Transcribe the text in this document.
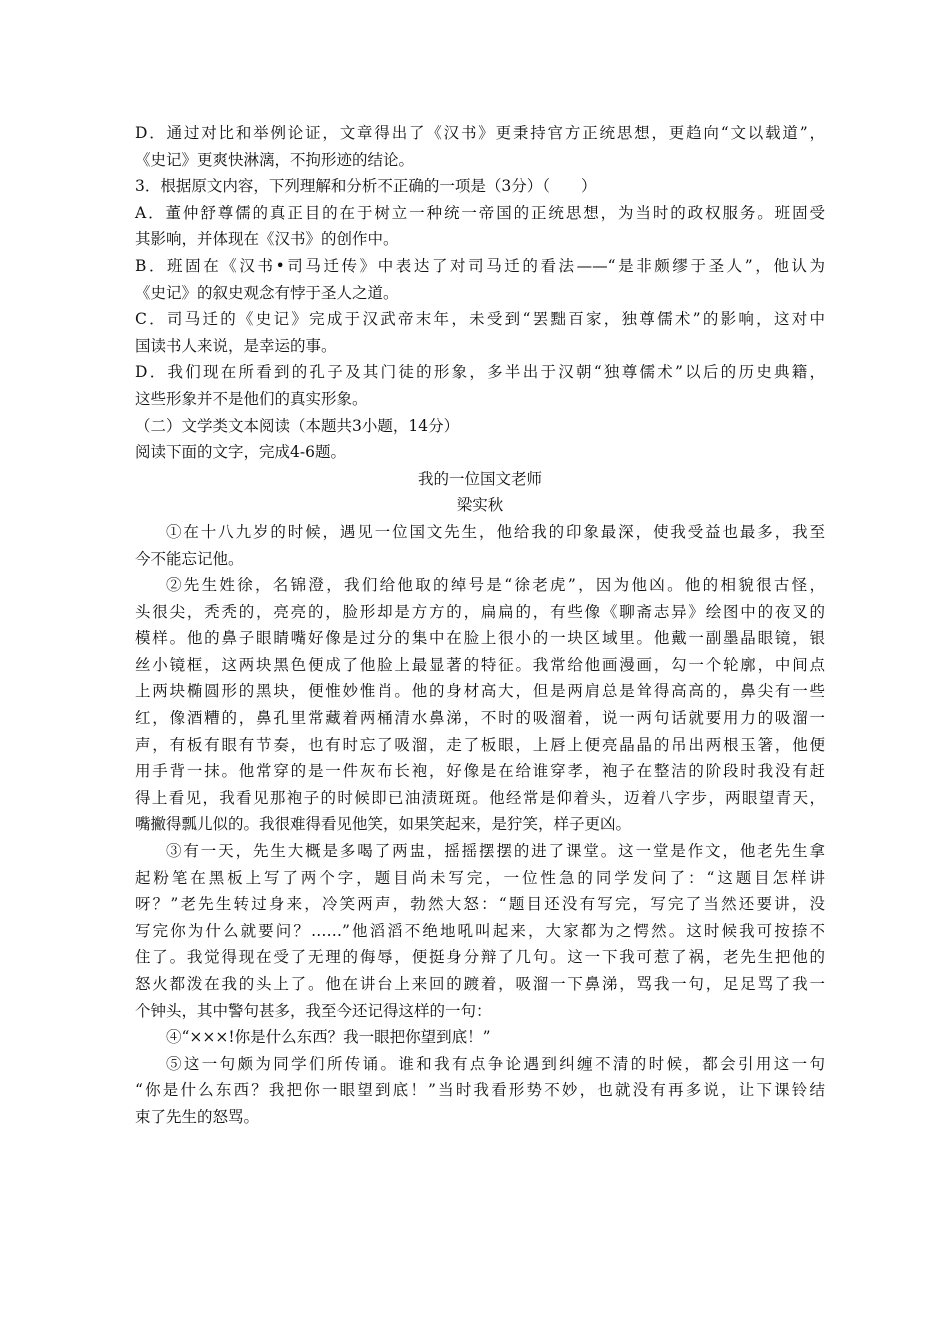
D．通过对比和举例论证，文章得出了《汉书》更秉持官方正统思想，更趋向“文以载道”，
《史记》更爽快淋漓，不拘形迹的结论。
3．根据原文内容，下列理解和分析不正确的一项是（3分）（　　）
A．董仲舒尊儒的真正目的在于树立一种统一帝国的正统思想，为当时的政权服务。班固受
其影响，并体现在《汉书》的创作中。
B．班固在《汉书•司马迁传》中表达了对司马迁的看法——“是非颇缪于圣人”，他认为
《史记》的叙史观念有悖于圣人之道。
C．司马迁的《史记》完成于汉武帝末年，未受到“罢黜百家，独尊儒术”的影响，这对中
国读书人来说，是幸运的事。
D．我们现在所看到的孔子及其门徒的形象，多半出于汉朝“独尊儒术”以后的历史典籍，
这些形象并不是他们的真实形象。
（二）文学类文本阅读（本题共3小题，14分）
阅读下面的文字，完成4-6题。
我的一位国文老师
梁实秋
①在十八九岁的时候，遇见一位国文先生，他给我的印象最深，使我受益也最多，我至
今不能忘记他。
②先生姓徐，名锦澄，我们给他取的绰号是“徐老虎”，因为他凶。他的相貌很古怪，
头很尖，秃秃的，亮亮的，脸形却是方方的，扁扁的，有些像《聊斋志异》绘图中的夜叉的
模样。他的鼻子眼睛嘴好像是过分的集中在脸上很小的一块区域里。他戴一副墨晶眼镜，银
丝小镜框，这两块黑色便成了他脸上最显著的特征。我常给他画漫画，勾一个轮廓，中间点
上两块椭圆形的黑块，便惟妙惟肖。他的身材高大，但是两肩总是耸得高高的，鼻尖有一些
红，像酒糟的，鼻孔里常藏着两桶清水鼻涕，不时的吸溜着，说一两句话就要用力的吸溜一
声，有板有眼有节奏，也有时忘了吸溜，走了板眼，上唇上便亮晶晶的吊出两根玉箸，他便
用手背一抹。他常穿的是一件灰布长袍，好像是在给谁穿孝，袍子在整洁的阶段时我没有赶
得上看见，我看见那袍子的时候即已油渍斑斑。他经常是仰着头，迈着八字步，两眼望青天，
嘴撇得瓢儿似的。我很难得看见他笑，如果笑起来，是狞笑，样子更凶。
③有一天，先生大概是多喝了两盅，摇摇摆摆的进了课堂。这一堂是作文，他老先生拿
起粉笔在黑板上写了两个字，题目尚未写完，一位性急的同学发问了：“这题目怎样讲
呀？”老先生转过身来，冷笑两声，勃然大怒：“题目还没有写完，写完了当然还要讲，没
写完你为什么就要问？……”他滔滔不绝地吼叫起来，大家都为之愕然。这时候我可按捺不
住了。我觉得现在受了无理的侮辱，便挺身分辩了几句。这一下我可惹了祸，老先生把他的
怒火都泼在我的头上了。他在讲台上来回的踱着，吸溜一下鼻涕，骂我一句，足足骂了我一
个钟头，其中警句甚多，我至今还记得这样的一句：
④“×××!你是什么东西？我一眼把你望到底！”
⑤这一句颇为同学们所传诵。谁和我有点争论遇到纠缠不清的时候，都会引用这一句
“你是什么东西？我把你一眼望到底！”当时我看形势不妙，也就没有再多说，让下课铃结
束了先生的怒骂。
